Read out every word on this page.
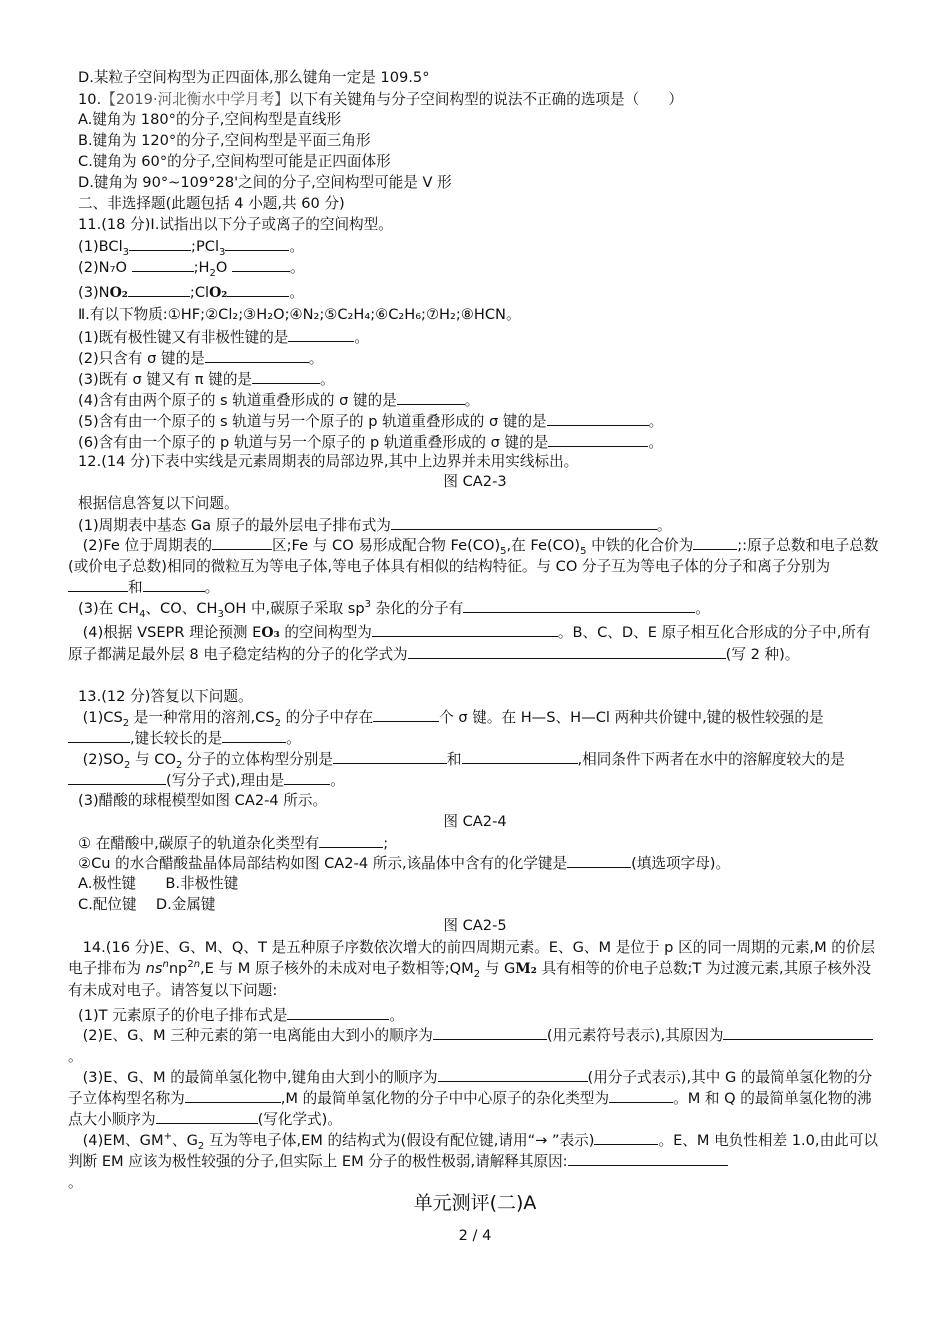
D.某粒子空间构型为正四面体,那么键角一定是 109.5°
10.【2019·河北衡水中学月考】以下有关键角与分子空间构型的说法不正确的选项是（　　）
A.键角为 180°的分子,空间构型是直线形
B.键角为 120°的分子,空间构型是平面三角形
C.键角为 60°的分子,空间构型可能是正四面体形
D.键角为 90°~109°28'之间的分子,空间构型可能是 V 形
二、非选择题(此题包括 4 小题,共 60 分)
11.(18 分)Ⅰ.试指出以下分子或离子的空间构型。
(1)BCl$_3$	;PCl$_3$	。
(2)N₇O	$;H_2O$	。
(3)NO₂	;ClO₂	。
Ⅱ.有以下物质:①HF;②Cl₂;③H₂O;④N₂;⑤C₂H₄;⑥C₂H₆;⑦H₂;⑧HCN。
(1)既有极性键又有非极性键的是	。
(2)只含有 σ 键的是	。
(3)既有 σ 键又有 π 键的是	。
(4)含有由两个原子的 s 轨道重叠形成的 σ 键的是	。
(5)含有由一个原子的 s 轨道与另一个原子的 p 轨道重叠形成的 σ 键的是	。
(6)含有由一个原子的 p 轨道与另一个原子的 p 轨道重叠形成的 σ 键的是	。
12.(14 分)下表中实线是元素周期表的局部边界,其中上边界并未用实线标出。
图 CA2-3
根据信息答复以下问题。
(1)周期表中基态 Ga 原子的最外层电子排布式为	。
　(2)Fe 位于周期表的	区;Fe 与 CO 易形成配合物 $Fe(CO)_5$,在 $Fe(CO)_5$ 中铁的化合价为	;:原子总数和电子总数(或价电子总数)相同的微粒互为等电子体,等电子体具有相似的结构特征。与 CO 分子互为等电子体的分子和离子分别为和	。
(3)在 $CH_4$、CO、$CH_3OH$ 中,碳原子采取 $sp^3$ 杂化的分子有	。
　(4)根据 VSEPR 理论预测 EO₃ 的空间构型为	。B、C、D、E 原子相互化合形成的分子中,所有原子都满足最外层 8 电子稳定结构的分子的化学式为	(写 2 种)。
13.(12 分)答复以下问题。
　$(1)CS_2$ 是一种常用的溶剂$,CS_2$ 的分子中存在	个 σ 键。在 H—S、H—Cl 两种共价键中,键的极性较强的是,键长较长的是	。
　$(2)SO_2$ 与 $CO_2$ 分子的立体构型分别是	和	,相同条件下两者在水中的溶解度较大的是(写分子式),理由是	。
(3)醋酸的球棍模型如图 CA2-4 所示。
图 CA2-4
① 在醋酸中,碳原子的轨道杂化类型有	;
②Cu 的水合醋酸盐晶体局部结构如图 CA2-4 所示,该晶体中含有的化学键是	(填选项字母)。
A.极性键　　B.非极性键
C.配位键　 D.金属键
图 CA2-5
　14.(16 分)E、G、M、Q、T 是五种原子序数依次增大的前四周期元素。E、G、M 是位于 p 区的同一周期的元素,M 的价层电子排布为 $ns^nnp^{2n},E$ 与 M 原子核外的未成对电子数相等$;QM_2$ 与 GM₂ 具有相等的价电子总数;T 为过渡元素,其原子核外没有未成对电子。请答复以下问题:
(1)T 元素原子的价电子排布式是	。
　(2)E、G、M 三种元素的第一电离能由大到小的顺序为	(用元素符号表示),其原因为
。
　(3)E、G、M 的最简单氢化物中,键角由大到小的顺序为	(用分子式表示),其中 G 的最简单氢化物的分子立体构型名称为	,M 的最简单氢化物的分子中中心原子的杂化类型为	。M 和 Q 的最简单氢化物的沸点大小顺序为	(写化学式)。
　(4)EM、GM+、$G_2$ 互为等电子体,EM 的结构式为(假设有配位键,请用“→ ”表示)	。E、M 电负性相差 1.0,由此可以判断 EM 应该为极性较强的分子,但实际上 EM 分子的极性极弱,请解释其原因:
。
单元测评(二)A
2 / 4
